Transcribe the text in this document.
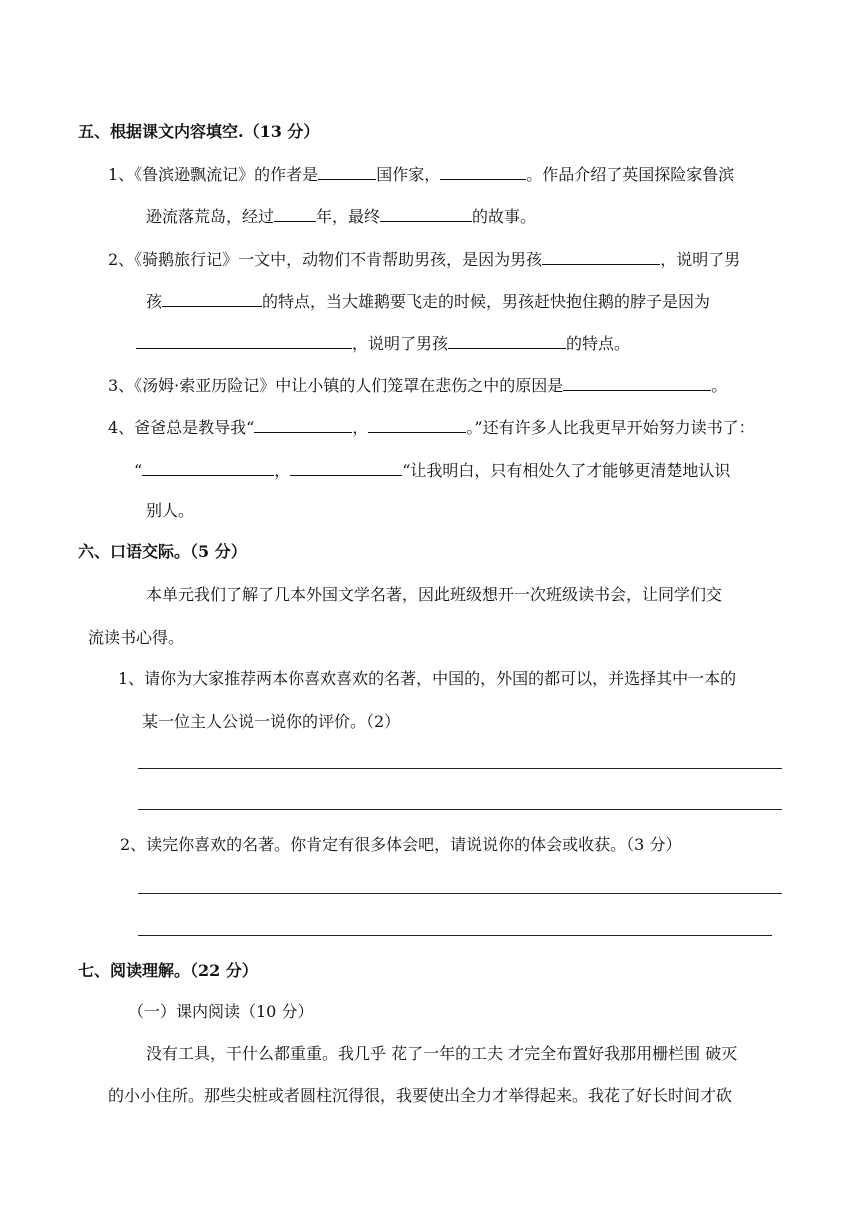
五、根据课文内容填空.（13 分）
1、《鲁滨逊飘流记》的作者是	国作家，	。作品介绍了英国探险家鲁滨
逊流落荒岛，经过	年，最终	的故事。
2、《骑鹅旅行记》一文中，动物们不肯帮助男孩，是因为男孩	，说明了男
孩	的特点，当大雄鹅要飞走的时候，男孩赶快抱住鹅的脖子是因为
，说明了男孩	的特点。
3、《汤姆·索亚历险记》中让小镇的人们笼罩在悲伤之中的原因是	。
4、爸爸总是教导我“	，	。”还有许多人比我更早开始努力读书了：
“	，	“让我明白，只有相处久了才能够更清楚地认识
别人。
六、口语交际。（5 分）
本单元我们了解了几本外国文学名著，因此班级想开一次班级读书会，让同学们交
流读书心得。
1、请你为大家推荐两本你喜欢喜欢的名著，中国的，外国的都可以，并选择其中一本的
某一位主人公说一说你的评价。（2）
2、读完你喜欢的名著。你肯定有很多体会吧，请说说你的体会或收获。（3 分）
七、阅读理解。（22 分）
（一）课内阅读（10 分）
没有工具，干什么都重重。我几乎 花了一年的工夫 才完全布置好我那用栅栏围 破灭
的小小住所。那些尖桩或者圆柱沉得很，我要使出全力才举得起来。我花了好长时间才砍
